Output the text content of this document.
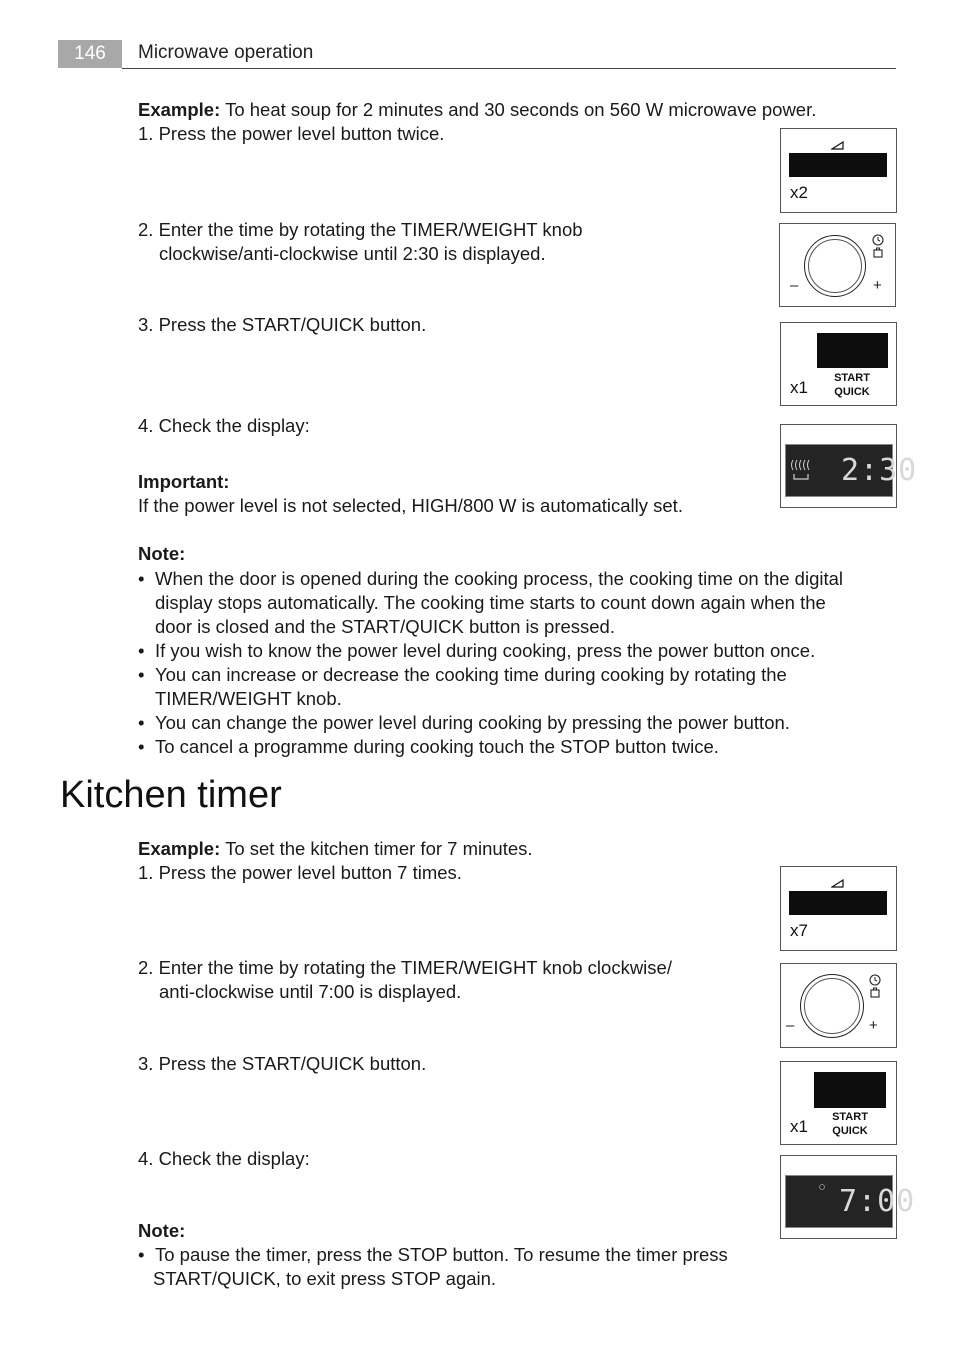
146	Microwave operation
Example: To heat soup for 2 minutes and 30 seconds on 560 W microwave power.
1. Press the power level button twice.
2. Enter the time by rotating the TIMER/WEIGHT knob
clockwise/anti-clockwise until 2:30 is displayed.
3. Press the START/QUICK button.
4. Check the display:
Important:
If the power level is not selected, HIGH/800 W is automatically set.
Note:
• When the door is opened during the cooking process, the cooking time on the digital display stops automatically. The cooking time starts to count down again when the door is closed and the START/QUICK button is pressed.
• If you wish to know the power level during cooking, press the power button once.
• You can increase or decrease the cooking time during cooking by rotating the TIMER/WEIGHT knob.
• You can change the power level during cooking by pressing the power button.
• To cancel a programme during cooking touch the STOP button twice.
x2
–	+
x1	START
QUICK
2:30
Kitchen timer
Example: To set the kitchen timer for 7 minutes.
1. Press the power level button 7 times.
2. Enter the time by rotating the TIMER/WEIGHT knob clockwise/
anti-clockwise until 7:00 is displayed.
3. Press the START/QUICK button.
4. Check the display:
Note:
• To pause the timer, press the STOP button. To resume the timer press
START/QUICK, to exit press STOP again.
x7
–	+
x1	START
QUICK
7:00
